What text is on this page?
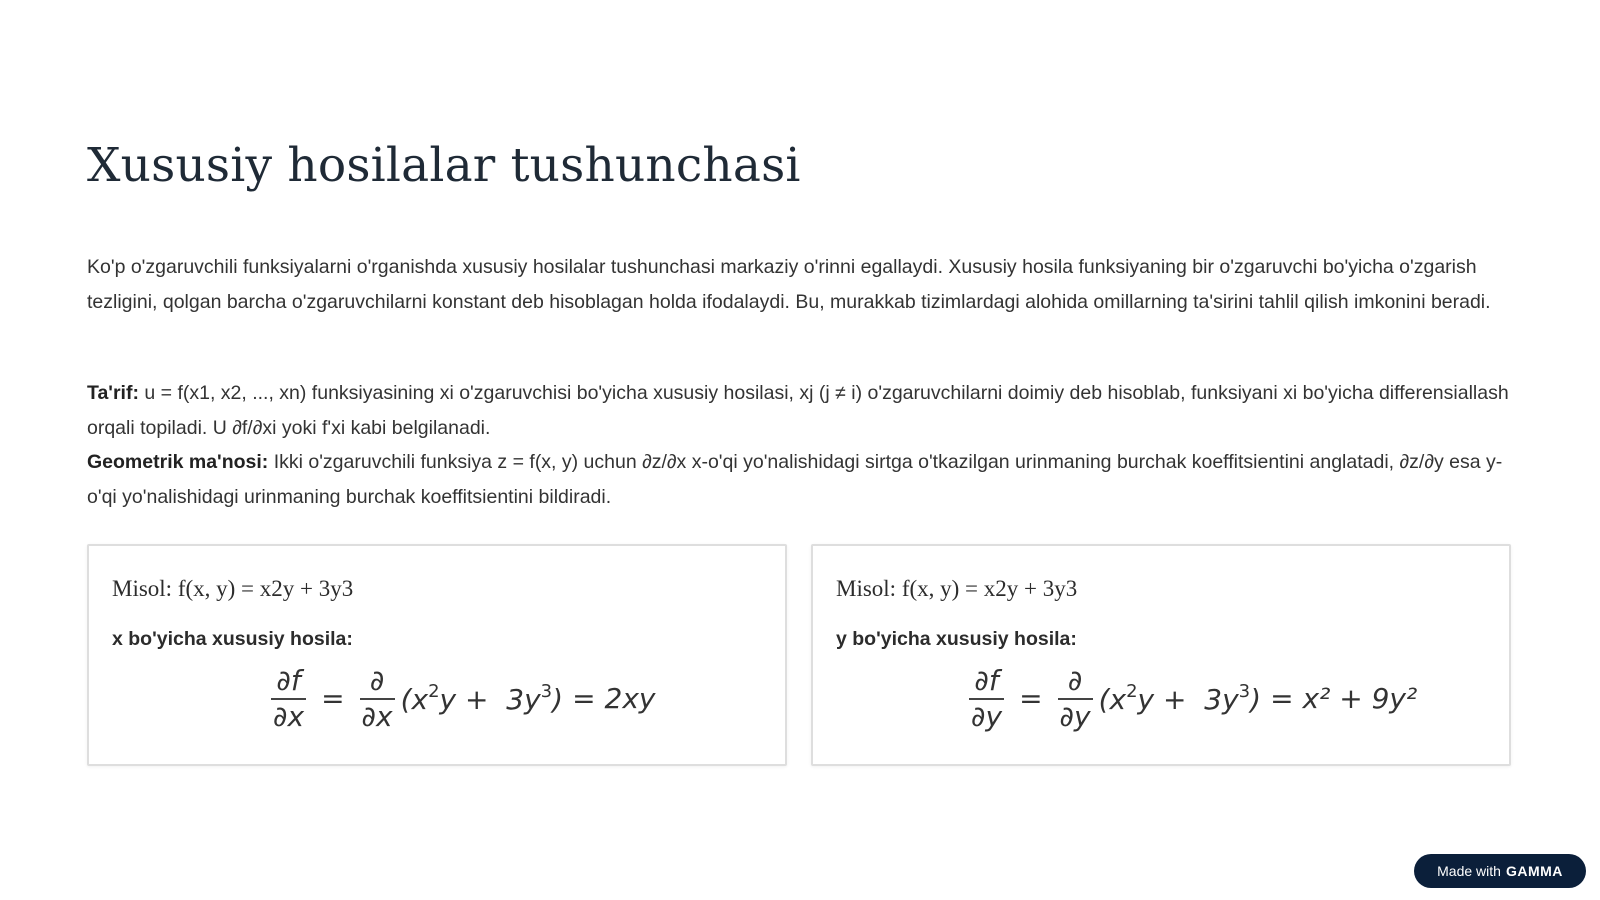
Xususiy hosilalar tushunchasi

Ko'p o'zgaruvchili funksiyalarni o'rganishda xususiy hosilalar tushunchasi markaziy o'rinni egallaydi. Xususiy hosila funksiyaning bir o'zgaruvchi bo'yicha o'zgarish tezligini, qolgan barcha o'zgaruvchilarni konstant deb hisoblagan holda ifodalaydi. Bu, murakkab tizimlardagi alohida omillarning ta'sirini tahlil qilish imkonini beradi.

Ta'rif: u = f(x1, x2, ..., xn) funksiyasining xi o'zgaruvchisi bo'yicha xususiy hosilasi, xj (j ≠ i) o'zgaruvchilarni doimiy deb hisoblab, funksiyani xi bo'yicha differensiallash orqali topiladi. U ∂f/∂xi yoki f'xi kabi belgilanadi.
Geometrik ma'nosi: Ikki o'zgaruvchili funksiya z = f(x, y) uchun ∂z/∂x x-o'qi yo'nalishidagi sirtga o'tkazilgan urinmaning burchak koeffitsientini anglatadi, ∂z/∂y esa y-o'qi yo'nalishidagi urinmaning burchak koeffitsientini bildiradi.
Misol: f(x, y) = x2y + 3y3
x bo'yicha xususiy hosila:
$\frac{\partial f}{\partial x} = \frac{\partial}{\partial x} (x^2y + 3y^3) = 2xy$
Misol: f(x, y) = x2y + 3y3
y bo'yicha xususiy hosila:
$\frac{\partial f}{\partial y} = \frac{\partial}{\partial y} (x^2y + 3y^3) = x^2 + 9y^2$
Made with GAMMA
